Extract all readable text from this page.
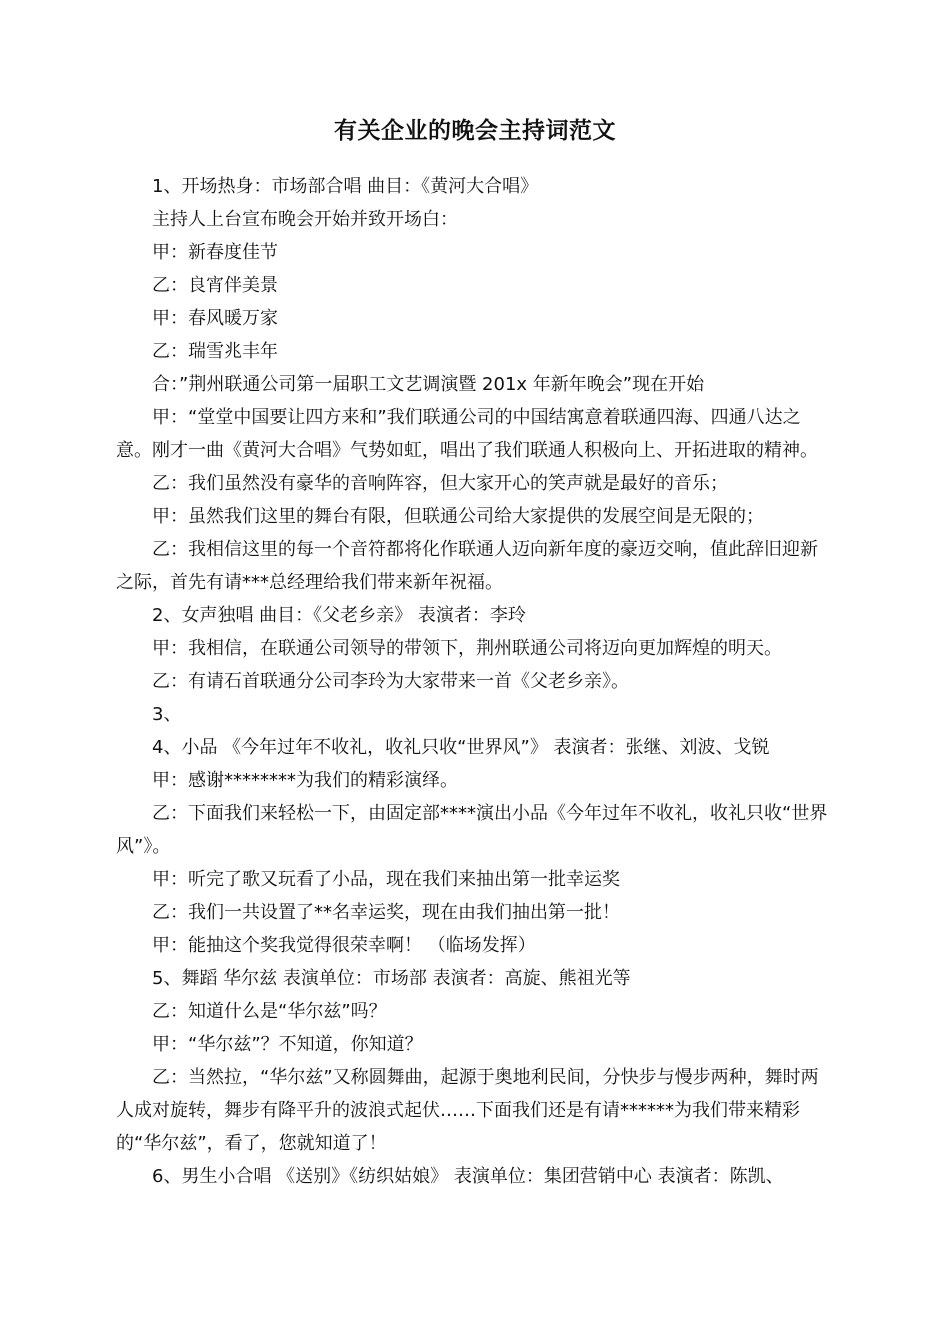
有关企业的晚会主持词范文

1、开场热身：市场部合唱 曲目：《黄河大合唱》

主持人上台宣布晚会开始并致开场白：

甲：新春度佳节

乙：良宵伴美景

甲：春风暖万家

乙：瑞雪兆丰年

合：”荆州联通公司第一届职工文艺调演暨 201x 年新年晚会”现在开始

甲：“堂堂中国要让四方来和”我们联通公司的中国结寓意着联通四海、四通八达之意。刚才一曲《黄河大合唱》气势如虹，唱出了我们联通人积极向上、开拓进取的精神。

乙：我们虽然没有豪华的音响阵容，但大家开心的笑声就是最好的音乐；

甲：虽然我们这里的舞台有限，但联通公司给大家提供的发展空间是无限的；

乙：我相信这里的每一个音符都将化作联通人迈向新年度的豪迈交响，值此辞旧迎新之际，首先有请***总经理给我们带来新年祝福。

2、女声独唱 曲目：《父老乡亲》 表演者：李玲

甲：我相信，在联通公司领导的带领下，荆州联通公司将迈向更加辉煌的明天。

乙：有请石首联通分公司李玲为大家带来一首《父老乡亲》。

3、

4、小品 《今年过年不收礼，收礼只收“世界风”》 表演者：张继、刘波、戈锐

甲：感谢********为我们的精彩演绎。

乙：下面我们来轻松一下，由固定部****演出小品《今年过年不收礼，收礼只收“世界风”》。

甲：听完了歌又玩看了小品，现在我们来抽出第一批幸运奖

乙：我们一共设置了**名幸运奖，现在由我们抽出第一批！

甲：能抽这个奖我觉得很荣幸啊！ （临场发挥）

5、舞蹈 华尔兹 表演单位：市场部 表演者：高旋、熊祖光等

乙：知道什么是“华尔兹”吗？

甲：“华尔兹”？不知道，你知道？

乙：当然拉，“华尔兹”又称圆舞曲，起源于奥地利民间，分快步与慢步两种，舞时两人成对旋转，舞步有降平升的波浪式起伏……下面我们还是有请******为我们带来精彩的“华尔兹”，看了，您就知道了！

6、男生小合唱 《送别》《纺织姑娘》 表演单位：集团营销中心 表演者：陈凯、
